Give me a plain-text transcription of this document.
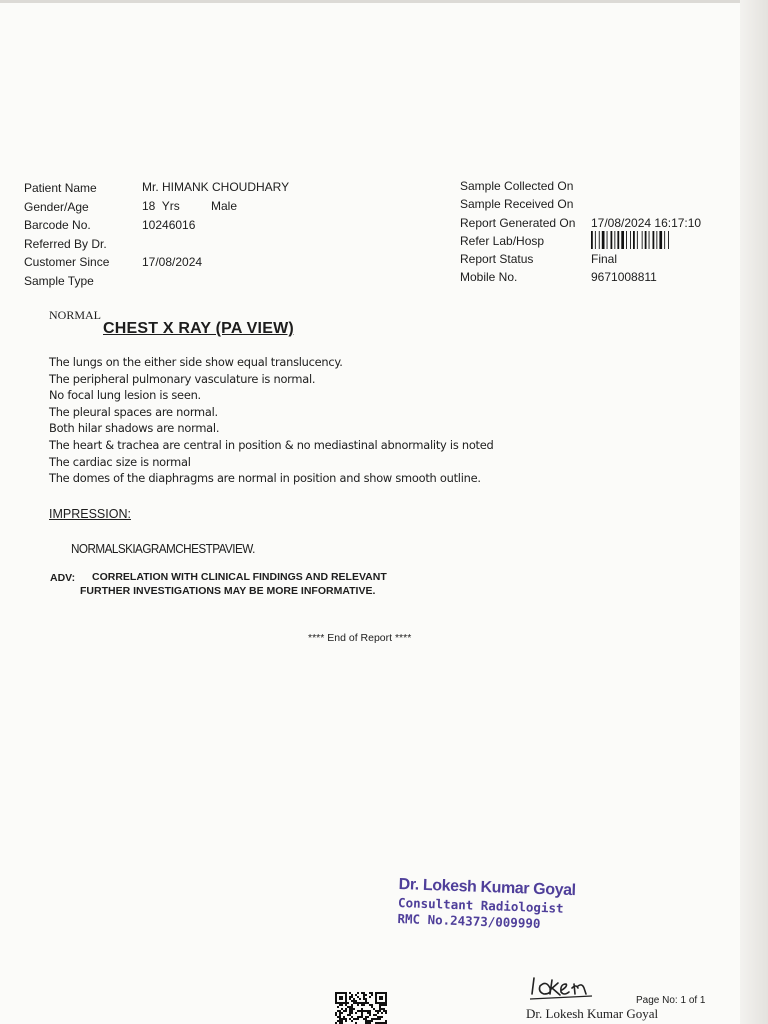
Patient Name
Gender/Age
Barcode No.
Referred By Dr.
Customer Since
Sample Type
Mr. HIMANK CHOUDHARY
18  Yrs	Male
10246016
17/08/2024
Sample Collected On
Sample Received On
Report Generated On
Refer Lab/Hosp
Report Status
Mobile No.
17/08/2024 16:17:10
Final
9671008811
NORMAL
CHEST X RAY (PA VIEW)
The lungs on the either side show equal translucency.
The peripheral pulmonary vasculature is normal.
No focal lung lesion is seen.
The pleural spaces are normal.
Both hilar shadows are normal.
The heart & trachea are central in position & no mediastinal abnormality is noted
The cardiac size is normal
The domes of the diaphragms are normal in position and show smooth outline.
IMPRESSION:
NORMALSKIAGRAMCHESTPAVIEW.
ADV: CORRELATION WITH CLINICAL FINDINGS AND RELEVANT
FURTHER INVESTIGATIONS MAY BE MORE INFORMATIVE.
**** End of Report ****
Dr. Lokesh Kumar Goyal
Consultant Radiologist
RMC No.24373/009990
Page No: 1 of 1
Dr. Lokesh Kumar Goyal
